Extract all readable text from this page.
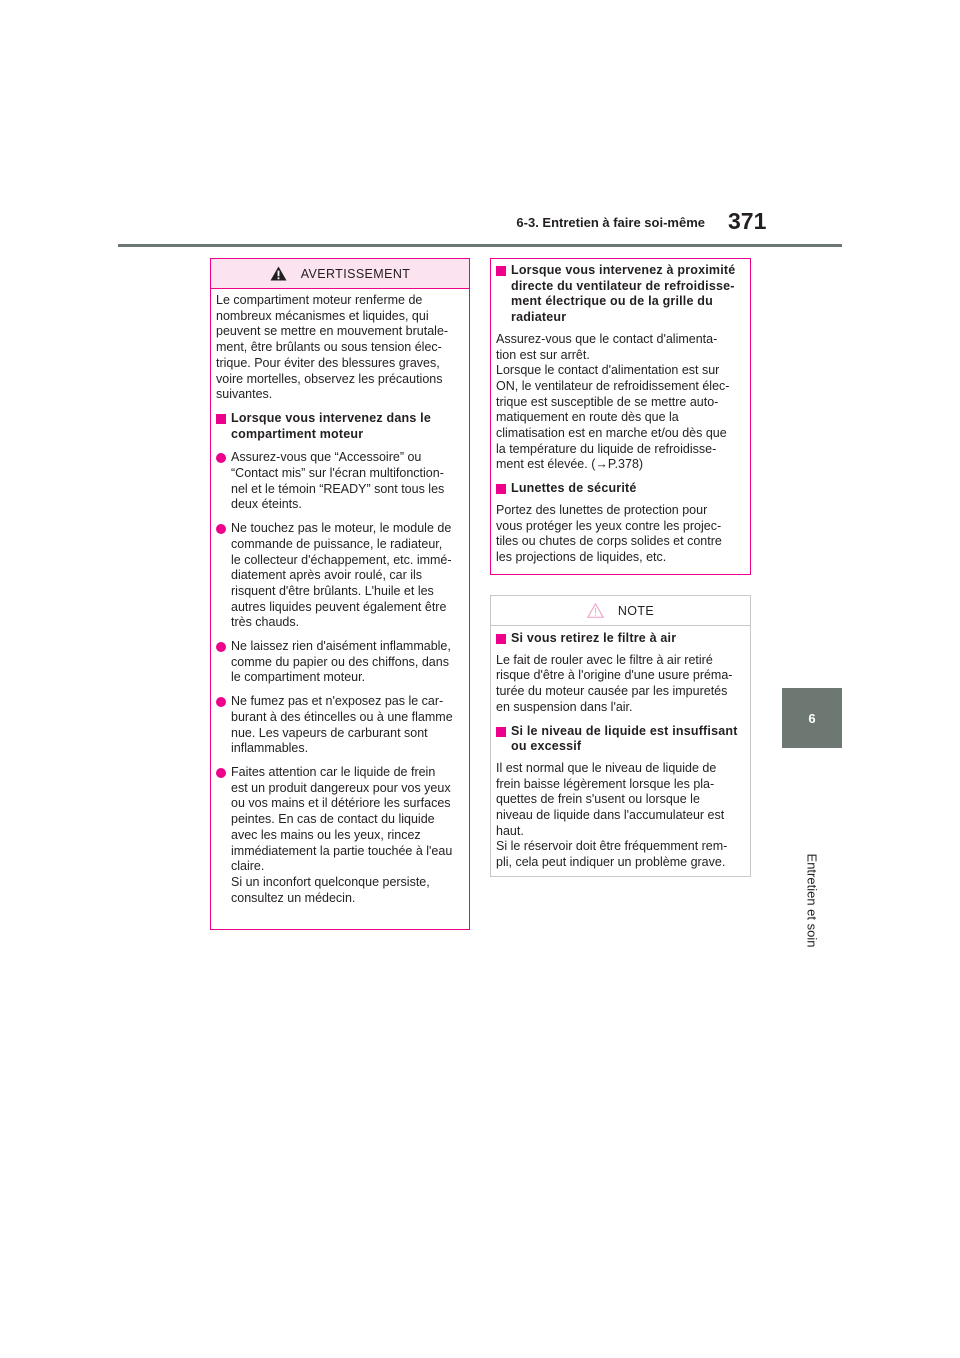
6-3. Entretien à faire soi-même 371
6
Entretien et soin
AVERTISSEMENT
Le compartiment moteur renferme de
nombreux mécanismes et liquides, qui
peuvent se mettre en mouvement brutale-
ment, être brûlants ou sous tension élec-
trique. Pour éviter des blessures graves,
voire mortelles, observez les précautions
suivantes.
Lorsque vous intervenez dans le
compartiment moteur
Assurez-vous que “Accessoire” ou
“Contact mis” sur l'écran multifonction-
nel et le témoin “READY” sont tous les
deux éteints.
Ne touchez pas le moteur, le module de
commande de puissance, le radiateur,
le collecteur d'échappement, etc. immé-
diatement après avoir roulé, car ils
risquent d'être brûlants. L'huile et les
autres liquides peuvent également être
très chauds.
Ne laissez rien d'aisément inflammable,
comme du papier ou des chiffons, dans
le compartiment moteur.
Ne fumez pas et n'exposez pas le car-
burant à des étincelles ou à une flamme
nue. Les vapeurs de carburant sont
inflammables.
Faites attention car le liquide de frein
est un produit dangereux pour vos yeux
ou vos mains et il détériore les surfaces
peintes. En cas de contact du liquide
avec les mains ou les yeux, rincez
immédiatement la partie touchée à l'eau
claire.
Si un inconfort quelconque persiste,
consultez un médecin.
Lorsque vous intervenez à proximité
directe du ventilateur de refroidisse-
ment électrique ou de la grille du
radiateur
Assurez-vous que le contact d'alimenta-
tion est sur arrêt.
Lorsque le contact d'alimentation est sur
ON, le ventilateur de refroidissement élec-
trique est susceptible de se mettre auto-
matiquement en route dès que la
climatisation est en marche et/ou dès que
la température du liquide de refroidisse-
ment est élevée. (→P.378)
Lunettes de sécurité
Portez des lunettes de protection pour
vous protéger les yeux contre les projec-
tiles ou chutes de corps solides et contre
les projections de liquides, etc.
NOTE
Si vous retirez le filtre à air
Le fait de rouler avec le filtre à air retiré
risque d'être à l'origine d'une usure préma-
turée du moteur causée par les impuretés
en suspension dans l'air.
Si le niveau de liquide est insuffisant
ou excessif
Il est normal que le niveau de liquide de
frein baisse légèrement lorsque les pla-
quettes de frein s'usent ou lorsque le
niveau de liquide dans l'accumulateur est
haut.
Si le réservoir doit être fréquemment rem-
pli, cela peut indiquer un problème grave.
